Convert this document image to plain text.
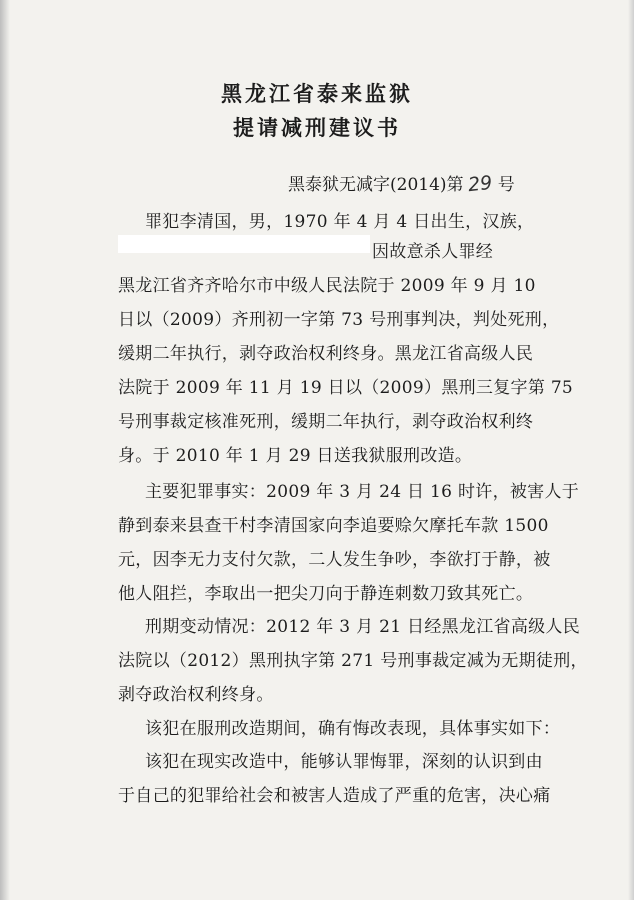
黑龙江省泰来监狱
提请减刑建议书
黑泰狱无减字(2014)第 29 号
罪犯李清国，男，1970 年 4 月 4 日出生，汉族，
因故意杀人罪经
黑龙江省齐齐哈尔市中级人民法院于 2009 年 9 月 10
日以（2009）齐刑初一字第 73 号刑事判决，判处死刑，
缓期二年执行，剥夺政治权利终身。黑龙江省高级人民
法院于 2009 年 11 月 19 日以（2009）黑刑三复字第 75
号刑事裁定核准死刑，缓期二年执行，剥夺政治权利终
身。于 2010 年 1 月 29 日送我狱服刑改造。
主要犯罪事实：2009 年 3 月 24 日 16 时许，被害人于
静到泰来县查干村李清国家向李追要赊欠摩托车款 1500
元，因李无力支付欠款，二人发生争吵，李欲打于静，被
他人阻拦，李取出一把尖刀向于静连刺数刀致其死亡。
刑期变动情况：2012 年 3 月 21 日经黑龙江省高级人民
法院以（2012）黑刑执字第 271 号刑事裁定减为无期徒刑，
剥夺政治权利终身。
该犯在服刑改造期间，确有悔改表现，具体事实如下：
该犯在现实改造中，能够认罪悔罪，深刻的认识到由
于自己的犯罪给社会和被害人造成了严重的危害，决心痛
